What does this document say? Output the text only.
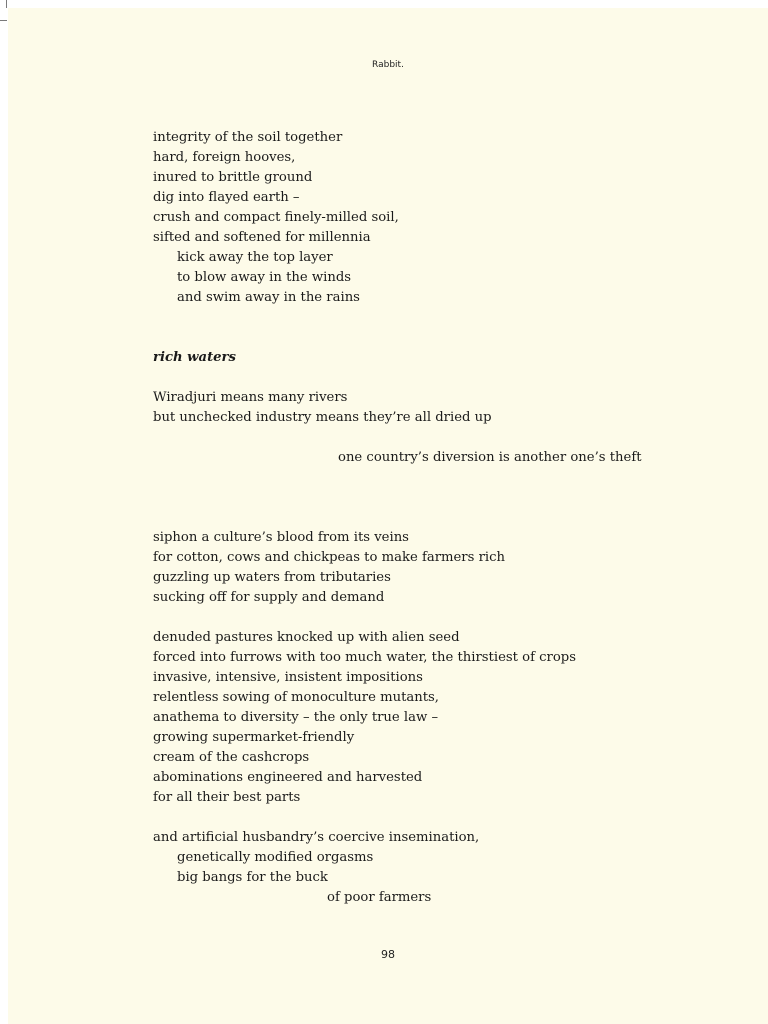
Rabbit.
integrity of the soil together
hard, foreign hooves,
inured to brittle ground
dig into flayed earth –
crush and compact finely-milled soil,
sifted and softened for millennia
kick away the top layer
to blow away in the winds
and swim away in the rains
rich waters
Wiradjuri means many rivers
but unchecked industry means they’re all dried up
one country’s diversion is another one’s theft
siphon a culture’s blood from its veins
for cotton, cows and chickpeas to make farmers rich
guzzling up waters from tributaries
sucking off for supply and demand
denuded pastures knocked up with alien seed
forced into furrows with too much water, the thirstiest of crops
invasive, intensive, insistent impositions
relentless sowing of monoculture mutants,
anathema to diversity – the only true law –
growing supermarket-friendly
cream of the cashcrops
abominations engineered and harvested
for all their best parts
and artificial husbandry’s coercive insemination,
genetically modified orgasms
big bangs for the buck
of poor farmers
98
